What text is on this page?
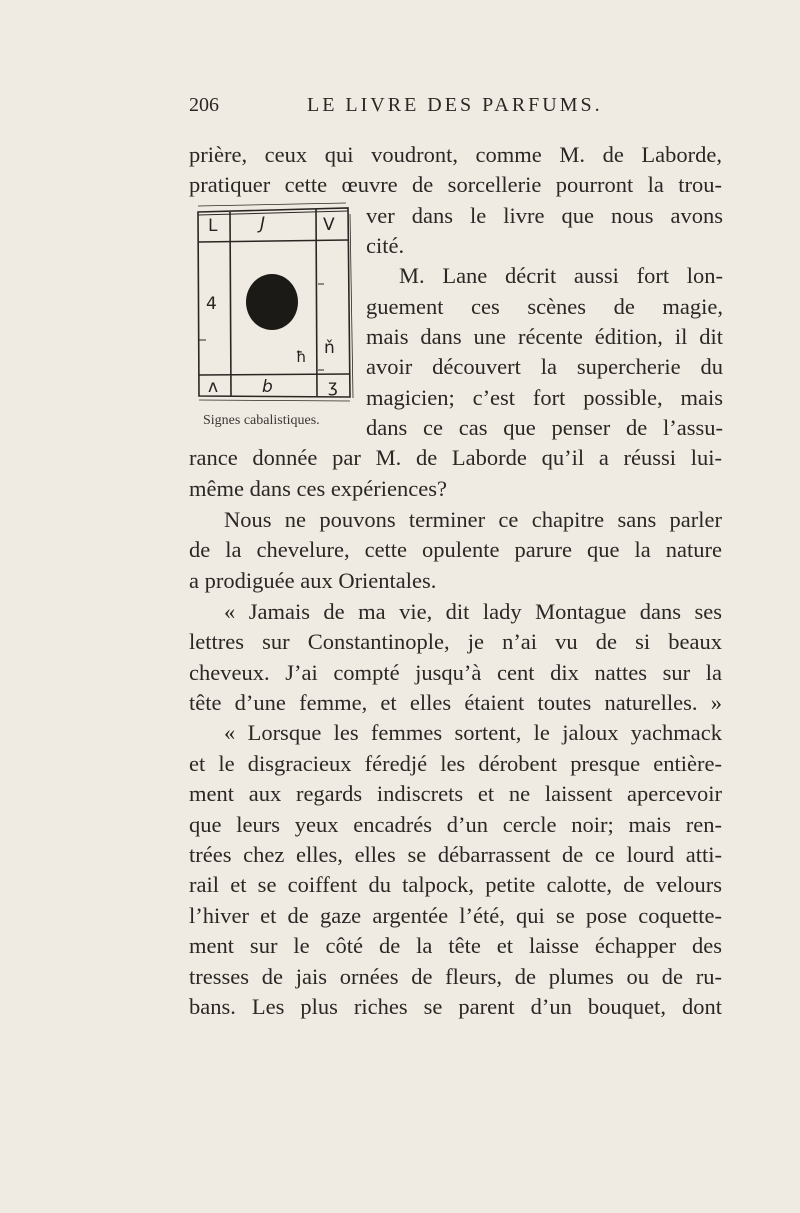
206	LE LIVRE DES PARFUMS.
L	J	V
4
ħ ň
ʌ	b	ʒ
Signes cabalistiques.
prière, ceux qui voudront, comme M. de Laborde,
pratiquer cette œuvre de sorcellerie pourront la trou-
ver dans le livre que nous avons
cité.
M. Lane décrit aussi fort lon-
guement ces scènes de magie,
mais dans une récente édition, il dit
avoir découvert la supercherie du
magicien; c’est fort possible, mais
dans ce cas que penser de l’assu-
rance donnée par M. de Laborde qu’il a réussi lui-
même dans ces expériences?
Nous ne pouvons terminer ce chapitre sans parler
de la chevelure, cette opulente parure que la nature
a prodiguée aux Orientales.
« Jamais de ma vie, dit lady Montague dans ses
lettres sur Constantinople, je n’ai vu de si beaux
cheveux. J’ai compté jusqu’à cent dix nattes sur la
tête d’une femme, et elles étaient toutes naturelles. »
« Lorsque les femmes sortent, le jaloux yachmack
et le disgracieux féredjé les dérobent presque entière-
ment aux regards indiscrets et ne laissent apercevoir
que leurs yeux encadrés d’un cercle noir; mais ren-
trées chez elles, elles se débarrassent de ce lourd atti-
rail et se coiffent du talpock, petite calotte, de velours
l’hiver et de gaze argentée l’été, qui se pose coquette-
ment sur le côté de la tête et laisse échapper des
tresses de jais ornées de fleurs, de plumes ou de ru-
bans. Les plus riches se parent d’un bouquet, dont
